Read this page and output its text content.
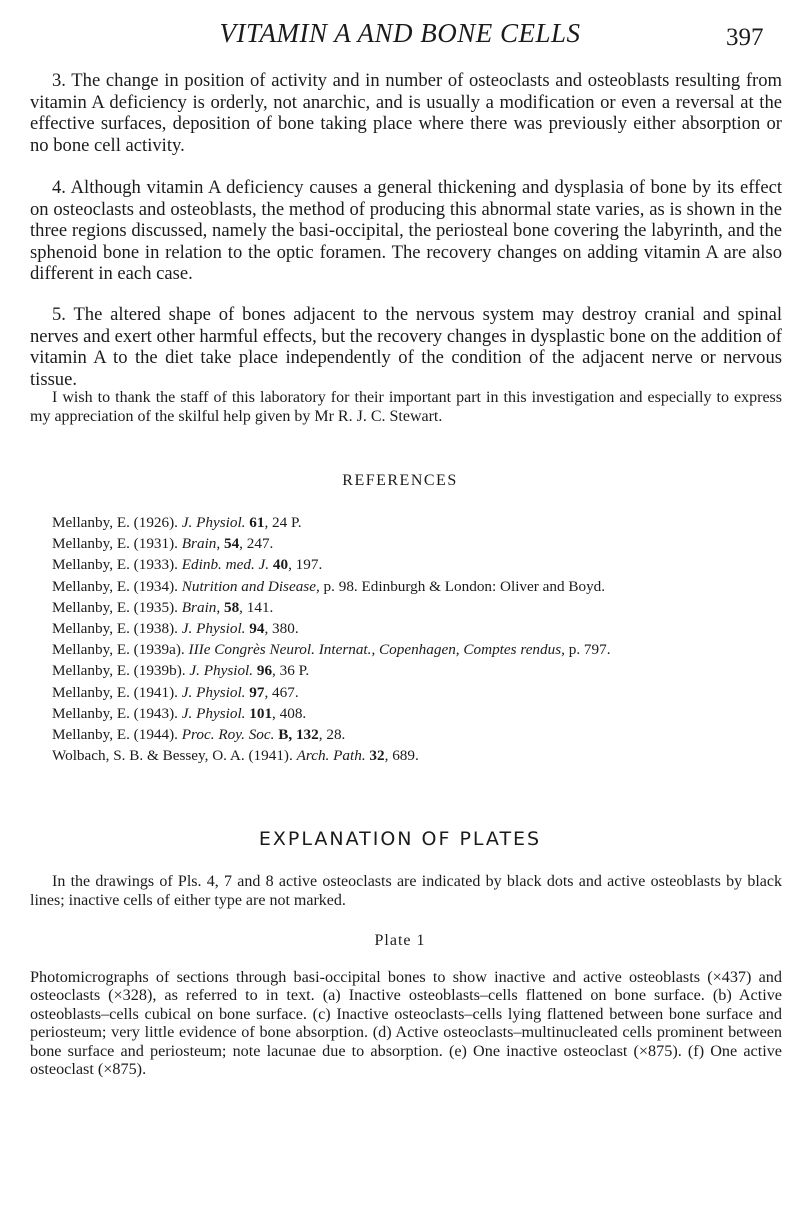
VITAMIN A AND BONE CELLS	397

3. The change in position of activity and in number of osteoclasts and osteoblasts resulting from vitamin A deficiency is orderly, not anarchic, and is usually a modification or even a reversal at the effective surfaces, deposition of bone taking place where there was previously either absorption or no bone cell activity.

4. Although vitamin A deficiency causes a general thickening and dysplasia of bone by its effect on osteoclasts and osteoblasts, the method of producing this abnormal state varies, as is shown in the three regions discussed, namely the basi-occipital, the periosteal bone covering the labyrinth, and the sphenoid bone in relation to the optic foramen. The recovery changes on adding vitamin A are also different in each case.

5. The altered shape of bones adjacent to the nervous system may destroy cranial and spinal nerves and exert other harmful effects, but the recovery changes in dysplastic bone on the addition of vitamin A to the diet take place independently of the condition of the adjacent nerve or nervous tissue.

I wish to thank the staff of this laboratory for their important part in this investigation and especially to express my appreciation of the skilful help given by Mr R. J. C. Stewart.

REFERENCES
Mellanby, E. (1926). J. Physiol. 61, 24 P.
Mellanby, E. (1931). Brain, 54, 247.
Mellanby, E. (1933). Edinb. med. J. 40, 197.
Mellanby, E. (1934). Nutrition and Disease, p. 98. Edinburgh & London: Oliver and Boyd.
Mellanby, E. (1935). Brain, 58, 141.
Mellanby, E. (1938). J. Physiol. 94, 380.
Mellanby, E. (1939a). IIIe Congrès Neurol. Internat., Copenhagen, Comptes rendus, p. 797.
Mellanby, E. (1939b). J. Physiol. 96, 36 P.
Mellanby, E. (1941). J. Physiol. 97, 467.
Mellanby, E. (1943). J. Physiol. 101, 408.
Mellanby, E. (1944). Proc. Roy. Soc. B, 132, 28.
Wolbach, S. B. & Bessey, O. A. (1941). Arch. Path. 32, 689.
EXPLANATION OF PLATES

In the drawings of Pls. 4, 7 and 8 active osteoclasts are indicated by black dots and active osteoblasts by black lines; inactive cells of either type are not marked.

Plate 1

Photomicrographs of sections through basi-occipital bones to show inactive and active osteoblasts (×437) and osteoclasts (×328), as referred to in text. (a) Inactive osteoblasts–cells flattened on bone surface. (b) Active osteoblasts–cells cubical on bone surface. (c) Inactive osteoclasts–cells lying flattened between bone surface and periosteum; very little evidence of bone absorption. (d) Active osteoclasts–multinucleated cells prominent between bone surface and periosteum; note lacunae due to absorption. (e) One inactive osteoclast (×875). (f) One active osteoclast (×875).
